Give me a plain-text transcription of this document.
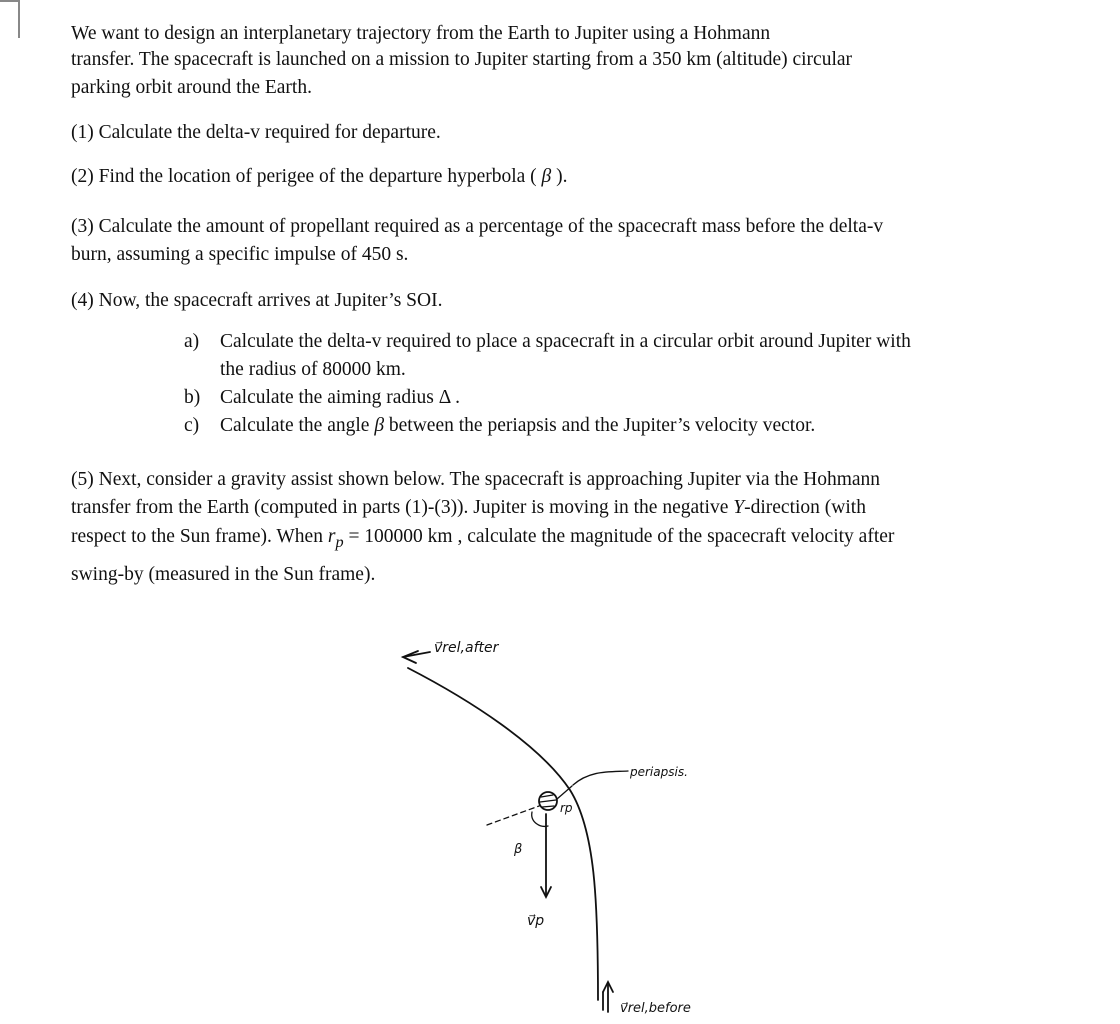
We want to design an interplanetary trajectory from the Earth to Jupiter using a Hohmann
transfer. The spacecraft is launched on a mission to Jupiter starting from a 350 km (altitude) circular
parking orbit around the Earth.
(1) Calculate the delta-v required for departure.
(2) Find the location of perigee of the departure hyperbola ( β ).
(3) Calculate the amount of propellant required as a percentage of the spacecraft mass before the delta-v
burn, assuming a specific impulse of 450 s.
(4) Now, the spacecraft arrives at Jupiter’s SOI.
a) Calculate the delta-v required to place a spacecraft in a circular orbit around Jupiter with
the radius of 80000 km.
b) Calculate the aiming radius Δ .
c) Calculate the angle β between the periapsis and the Jupiter’s velocity vector.
(5) Next, consider a gravity assist shown below. The spacecraft is approaching Jupiter via the Hohmann
transfer from the Earth (computed in parts (1)-(3)). Jupiter is moving in the negative Y-direction (with
respect to the Sun frame). When $r_p = 100000$ km , calculate the magnitude of the spacecraft velocity after
swing-by (measured in the Sun frame).
v⃗rel,after
periapsis.
rp
β
v⃗p
v⃗rel,before
